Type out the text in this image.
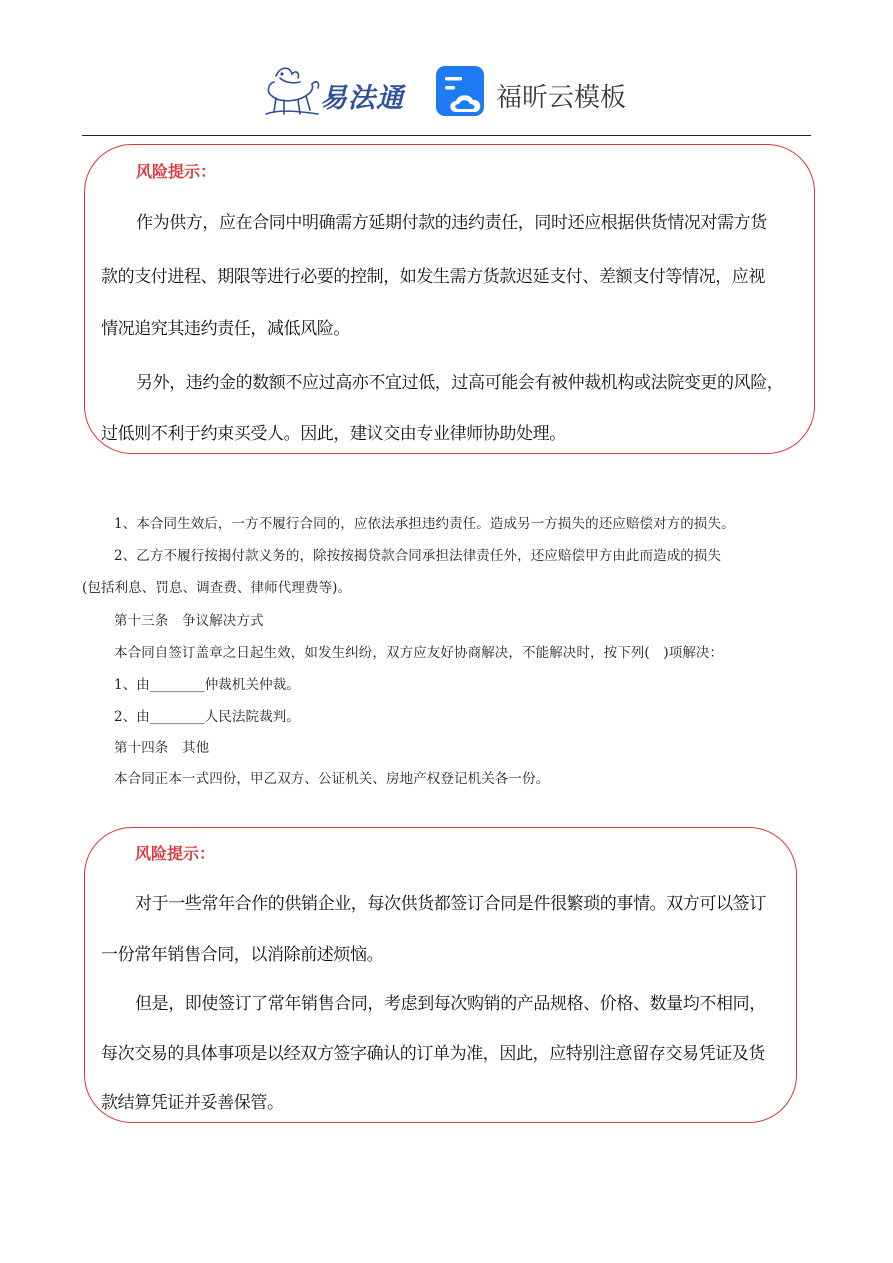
易法通	福昕云模板
风险提示：
作为供方，应在合同中明确需方延期付款的违约责任，同时还应根据供货情况对需方货
款的支付进程、期限等进行必要的控制，如发生需方货款迟延支付、差额支付等情况，应视
情况追究其违约责任，减低风险。
另外，违约金的数额不应过高亦不宜过低，过高可能会有被仲裁机构或法院变更的风险，
过低则不利于约束买受人。因此，建议交由专业律师协助处理。
1、本合同生效后，一方不履行合同的，应依法承担违约责任。造成另一方损失的还应赔偿对方的损失。
2、乙方不履行按揭付款义务的，除按按揭贷款合同承担法律责任外，还应赔偿甲方由此而造成的损失
(包括利息、罚息、调查费、律师代理费等)。
第十三条　争议解决方式
本合同自签订盖章之日起生效，如发生纠纷，双方应友好协商解决，不能解决时，按下列(　)项解决：
1、由________仲裁机关仲裁。
2、由________人民法院裁判。
第十四条　其他
本合同正本一式四份，甲乙双方、公证机关、房地产权登记机关各一份。
风险提示：
对于一些常年合作的供销企业，每次供货都签订合同是件很繁琐的事情。双方可以签订
一份常年销售合同，以消除前述烦恼。
但是，即使签订了常年销售合同，考虑到每次购销的产品规格、价格、数量均不相同，
每次交易的具体事项是以经双方签字确认的订单为准，因此，应特别注意留存交易凭证及货
款结算凭证并妥善保管。
